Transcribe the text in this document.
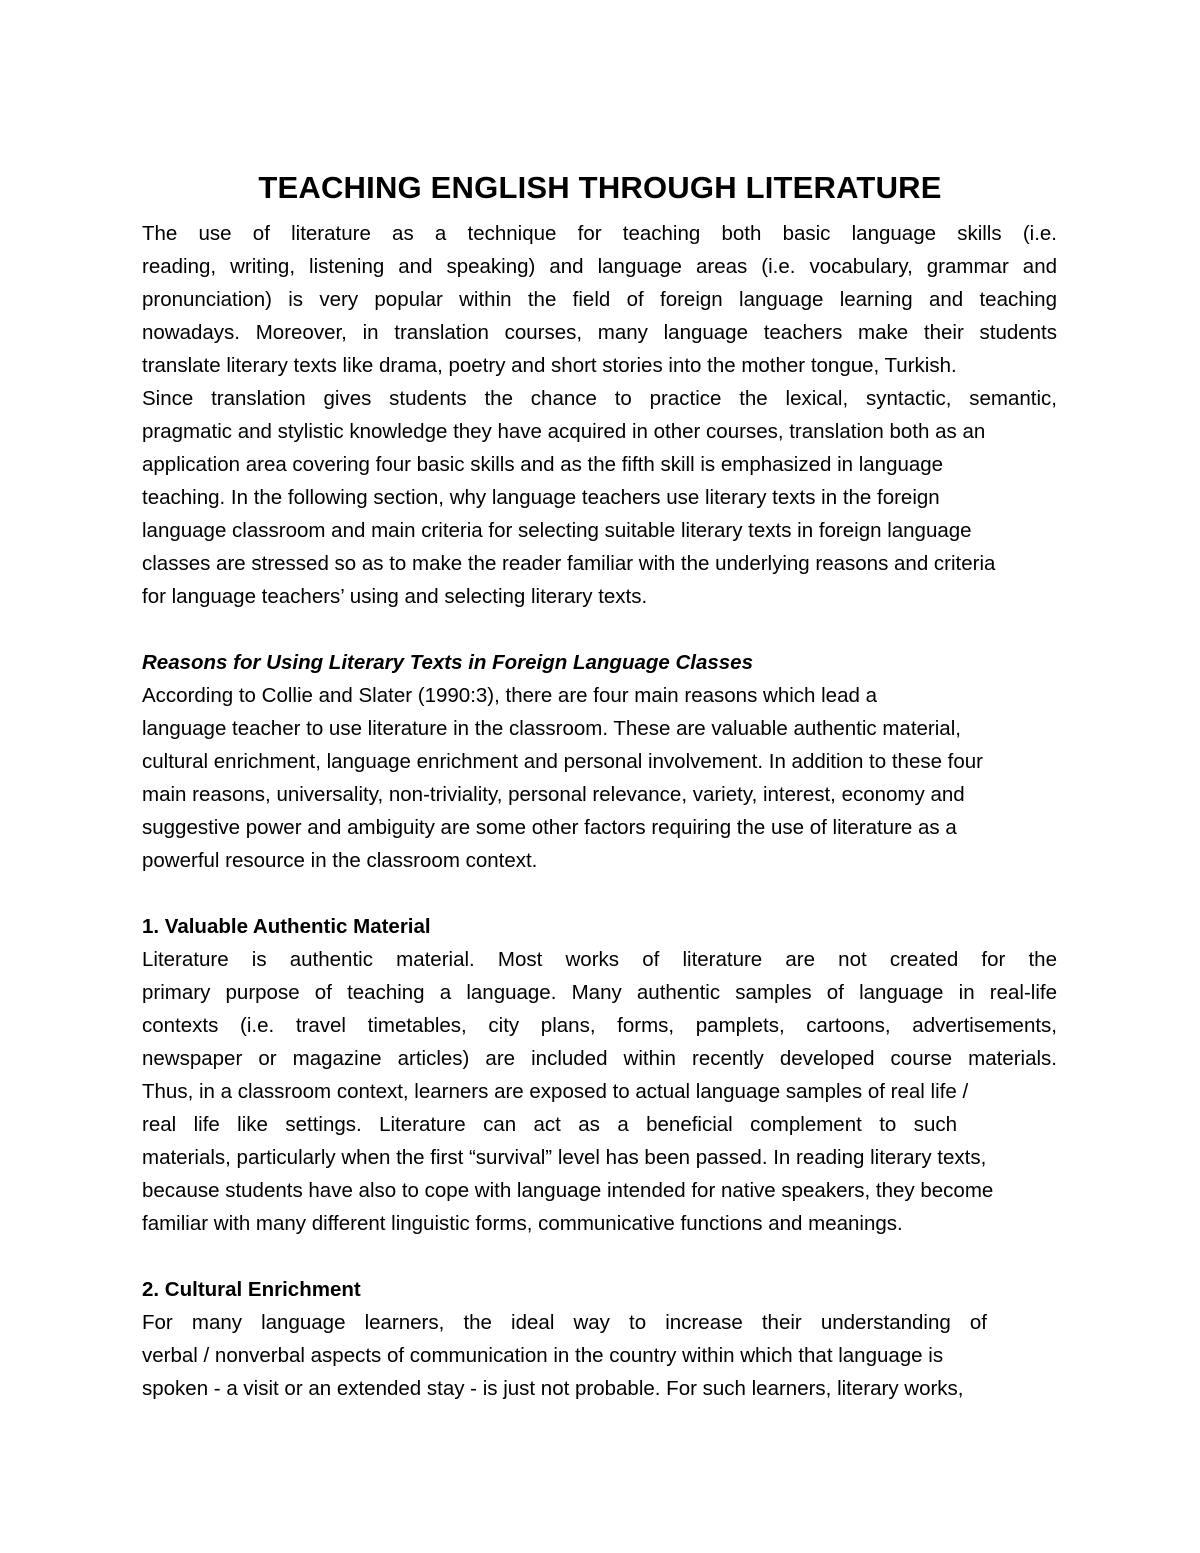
TEACHING ENGLISH THROUGH LITERATURE
The use of literature as a technique for teaching both basic language skills (i.e.
reading, writing, listening and speaking) and language areas (i.e. vocabulary, grammar and
pronunciation) is very popular within the field of foreign language learning and teaching
nowadays. Moreover, in translation courses, many language teachers make their students
translate literary texts like drama, poetry and short stories into the mother tongue, Turkish.
Since translation gives students the chance to practice the lexical, syntactic, semantic,
pragmatic and stylistic knowledge they have acquired in other courses, translation both as an
application area covering four basic skills and as the fifth skill is emphasized in language
teaching. In the following section, why language teachers use literary texts in the foreign
language classroom and main criteria for selecting suitable literary texts in foreign language
classes are stressed so as to make the reader familiar with the underlying reasons and criteria
for language teachers’ using and selecting literary texts.
Reasons for Using Literary Texts in Foreign Language Classes
According to Collie and Slater (1990:3), there are four main reasons which lead a
language teacher to use literature in the classroom. These are valuable authentic material,
cultural enrichment, language enrichment and personal involvement. In addition to these four
main reasons, universality, non-triviality, personal relevance, variety, interest, economy and
suggestive power and ambiguity are some other factors requiring the use of literature as a
powerful resource in the classroom context.
1. Valuable Authentic Material
Literature is authentic material. Most works of literature are not created for the
primary purpose of teaching a language. Many authentic samples of language in real-life
contexts (i.e. travel timetables, city plans, forms, pamplets, cartoons, advertisements,
newspaper or magazine articles) are included within recently developed course materials.
Thus, in a classroom context, learners are exposed to actual language samples of real life /
real life like settings. Literature can act as a beneficial complement to such
materials, particularly when the first “survival” level has been passed. In reading literary texts,
because students have also to cope with language intended for native speakers, they become
familiar with many different linguistic forms, communicative functions and meanings.
2. Cultural Enrichment
For many language learners, the ideal way to increase their understanding of
verbal / nonverbal aspects of communication in the country within which that language is
spoken - a visit or an extended stay - is just not probable. For such learners, literary works,
